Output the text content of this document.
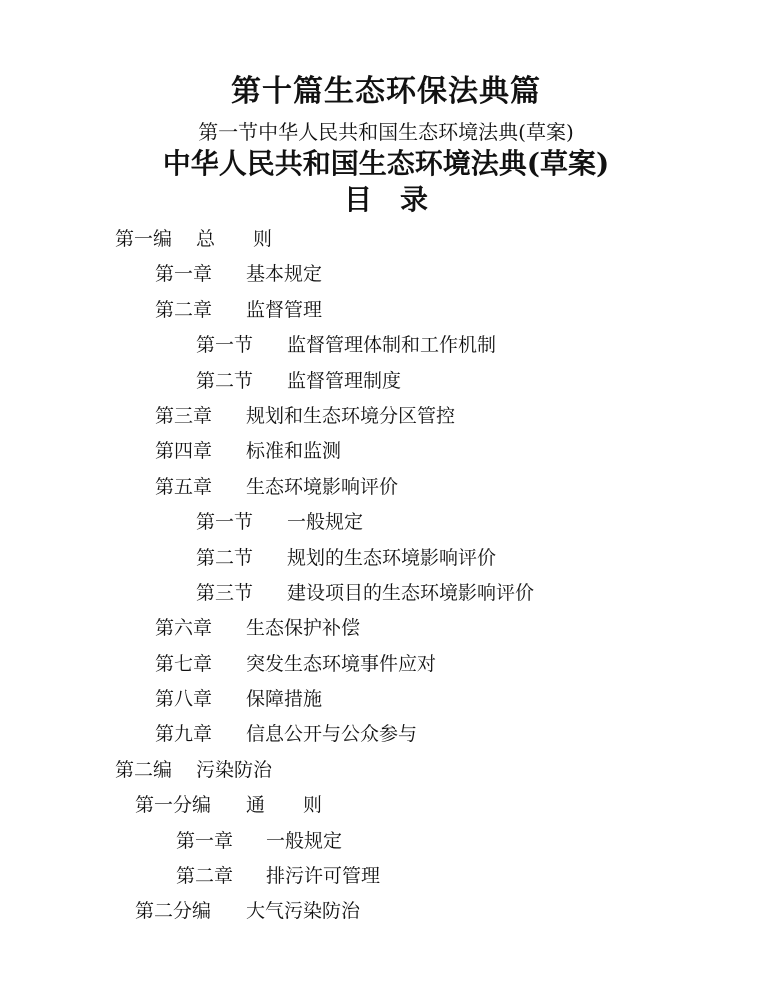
第十篇生态环保法典篇
第一节中华人民共和国生态环境法典(草案)
中华人民共和国生态环境法典(草案)
目　录
第一编 总　　则
第一章 基本规定
第二章 监督管理
第一节 监督管理体制和工作机制
第二节 监督管理制度
第三章 规划和生态环境分区管控
第四章 标准和监测
第五章 生态环境影响评价
第一节 一般规定
第二节 规划的生态环境影响评价
第三节 建设项目的生态环境影响评价
第六章 生态保护补偿
第七章 突发生态环境事件应对
第八章 保障措施
第九章 信息公开与公众参与
第二编 污染防治
第一分编 通　　则
第一章 一般规定
第二章 排污许可管理
第二分编 大气污染防治
